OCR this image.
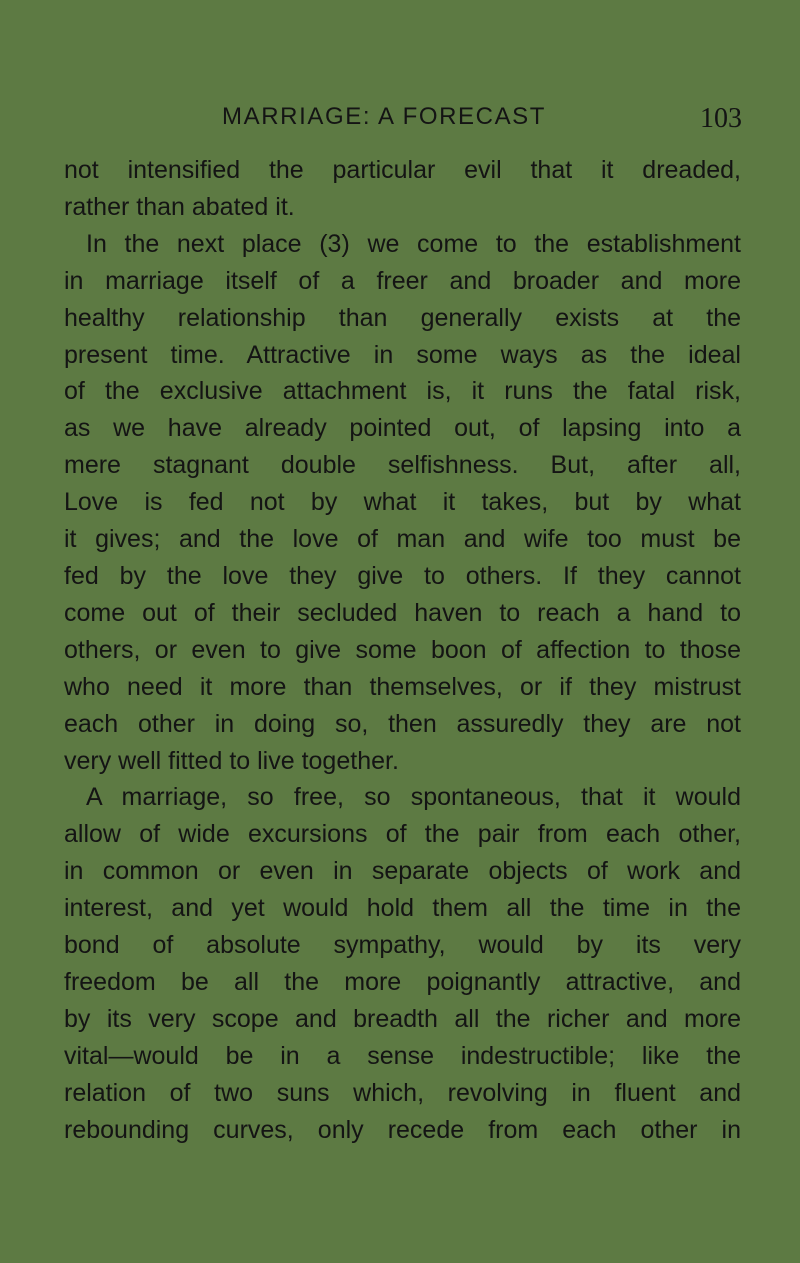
MARRIAGE: A FORECAST	103
not intensified the particular evil that it dreaded,
rather than abated it.
In the next place (3) we come to the establishment
in marriage itself of a freer and broader and more
healthy relationship than generally exists at the
present time. Attractive in some ways as the ideal
of the exclusive attachment is, it runs the fatal risk,
as we have already pointed out, of lapsing into a
mere stagnant double selfishness. But, after all,
Love is fed not by what it takes, but by what
it gives; and the love of man and wife too must be
fed by the love they give to others. If they cannot
come out of their secluded haven to reach a hand to
others, or even to give some boon of affection to those
who need it more than themselves, or if they mistrust
each other in doing so, then assuredly they are not
very well fitted to live together.
A marriage, so free, so spontaneous, that it would
allow of wide excursions of the pair from each other,
in common or even in separate objects of work and
interest, and yet would hold them all the time in the
bond of absolute sympathy, would by its very
freedom be all the more poignantly attractive, and
by its very scope and breadth all the richer and more
vital—would be in a sense indestructible; like the
relation of two suns which, revolving in fluent and
rebounding curves, only recede from each other in
